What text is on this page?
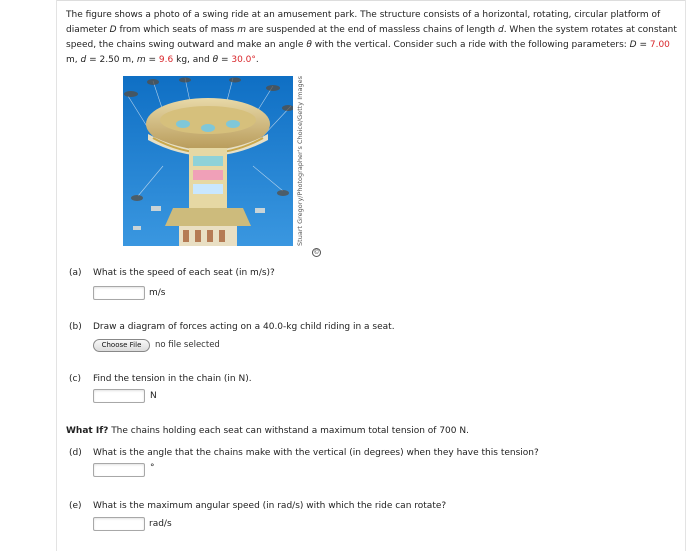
The figure shows a photo of a swing ride at an amusement park. The structure consists of a horizontal, rotating, circular platform of diameter D from which seats of mass m are suspended at the end of massless chains of length d. When the system rotates at constant speed, the chains swing outward and make an angle θ with the vertical. Consider such a ride with the following parameters: D = 7.00 m, d = 2.50 m, m = 9.6 kg, and θ = 30.0°.
Stuart Gregory/Photographer's Choice/Getty Images
©
(a) What is the speed of each seat (in m/s)?
m/s
(b) Draw a diagram of forces acting on a 40.0-kg child riding in a seat.
Choose File	no file selected
(c) Find the tension in the chain (in N).
N
What If? The chains holding each seat can withstand a maximum total tension of 700 N.
(d) What is the angle that the chains make with the vertical (in degrees) when they have this tension?
°
(e) What is the maximum angular speed (in rad/s) with which the ride can rotate?
rad/s
